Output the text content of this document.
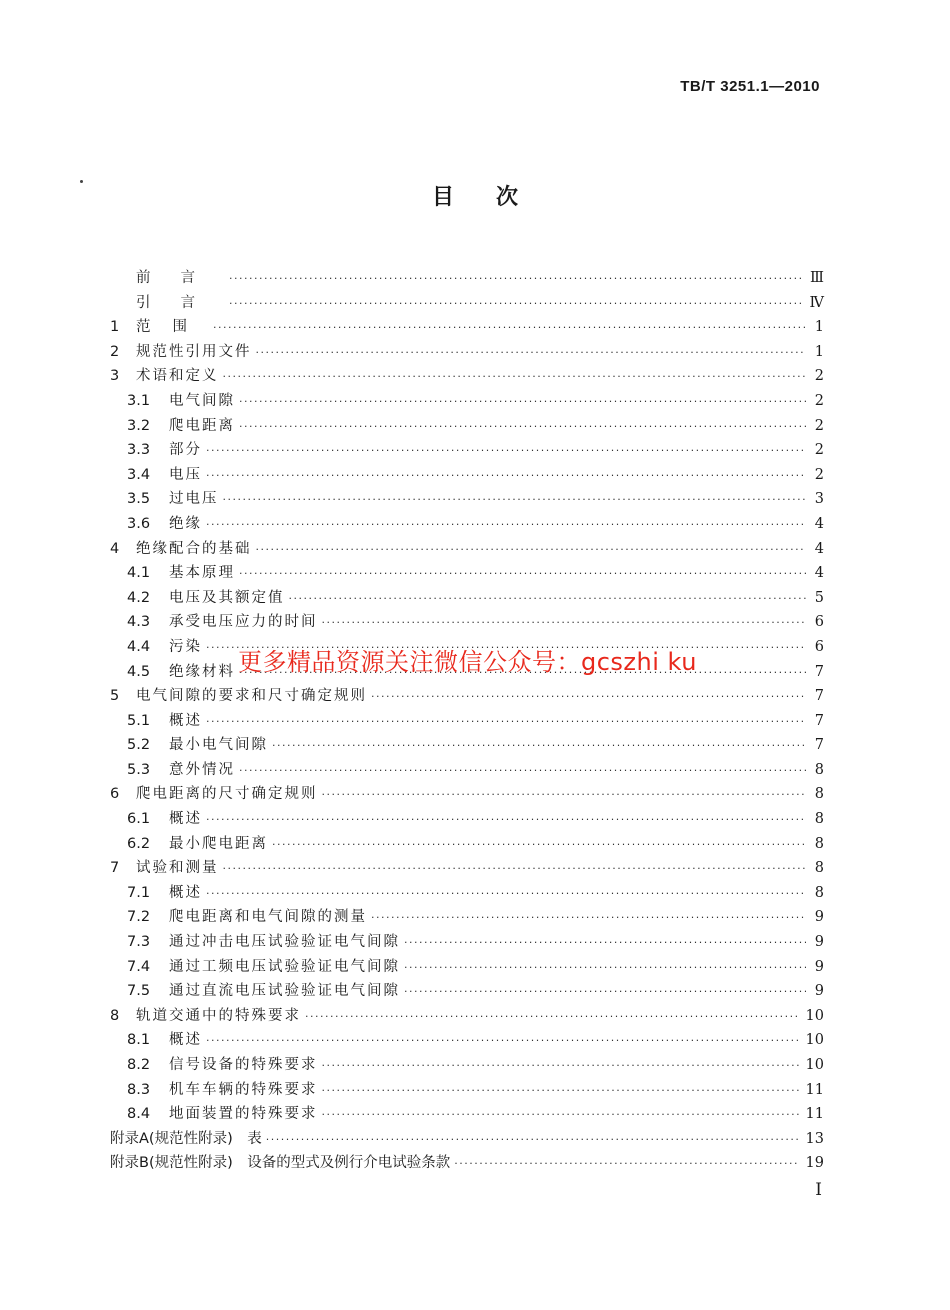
TB/T 3251.1—2010
目次
前言 ·····	Ⅲ
引言 ·····	Ⅳ
1	范围 ·····	1
2	规范性引用文件 ·····	1
3	术语和定义 ·····	2
3.1	电气间隙 ·····	2
3.2	爬电距离 ·····	2
3.3	部分 ·····	2
3.4	电压 ·····	2
3.5	过电压 ·····	3
3.6	绝缘 ·····	4
4	绝缘配合的基础 ·····	4
4.1	基本原理 ·····	4
4.2	电压及其额定值 ·····	5
4.3	承受电压应力的时间 ·····	6
4.4	污染 ·····	6
4.5	绝缘材料 ·····	7
5	电气间隙的要求和尺寸确定规则 ·····	7
5.1	概述 ·····	7
5.2	最小电气间隙 ·····	7
5.3	意外情况 ·····	8
6	爬电距离的尺寸确定规则 ·····	8
6.1	概述 ·····	8
6.2	最小爬电距离 ·····	8
7	试验和测量 ·····	8
7.1	概述 ·····	8
7.2	爬电距离和电气间隙的测量 ·····	9
7.3	通过冲击电压试验验证电气间隙 ·····	9
7.4	通过工频电压试验验证电气间隙 ·····	9
7.5	通过直流电压试验验证电气间隙 ·····	9
8	轨道交通中的特殊要求 ·····	10
8.1	概述 ·····	10
8.2	信号设备的特殊要求 ·····	10
8.3	机车车辆的特殊要求 ·····	11
8.4	地面装置的特殊要求 ·····	11
附录A(规范性附录)　表 ·····	13
附录B(规范性附录)　设备的型式及例行介电试验条款 ·····	19
更多精品资源关注微信公众号：gcszhi ku
I
